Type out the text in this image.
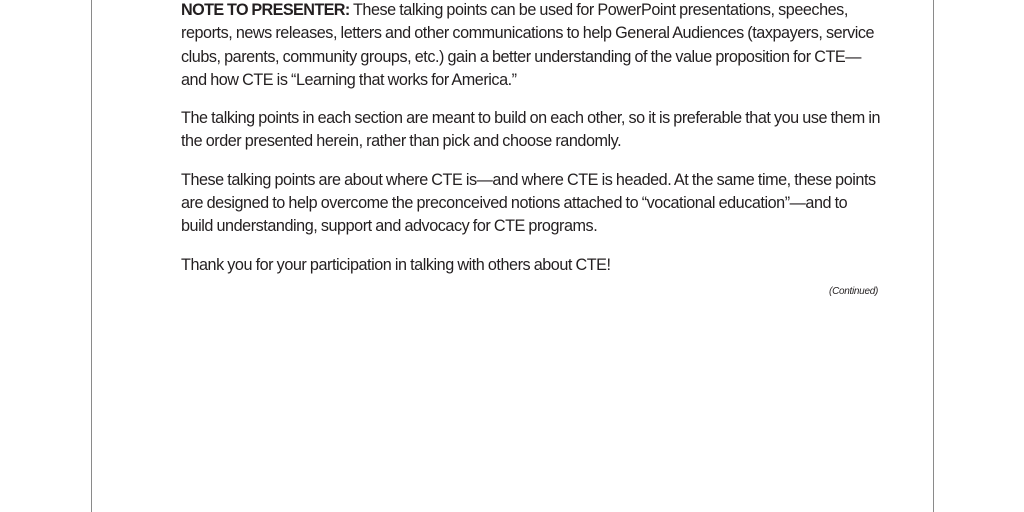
NOTE TO PRESENTER: These talking points can be used for PowerPoint presentations, speeches, reports, news releases, letters and other communications to help General Audiences (taxpayers, service clubs, parents, community groups, etc.) gain a better understanding of the value proposition for CTE—and how CTE is “Learning that works for America.”

The talking points in each section are meant to build on each other, so it is preferable that you use them in the order presented herein, rather than pick and choose randomly.

These talking points are about where CTE is—and where CTE is headed. At the same time, these points are designed to help overcome the preconceived notions attached to “vocational education”—and to build understanding, support and advocacy for CTE programs.

Thank you for your participation in talking with others about CTE!

(Continued)
